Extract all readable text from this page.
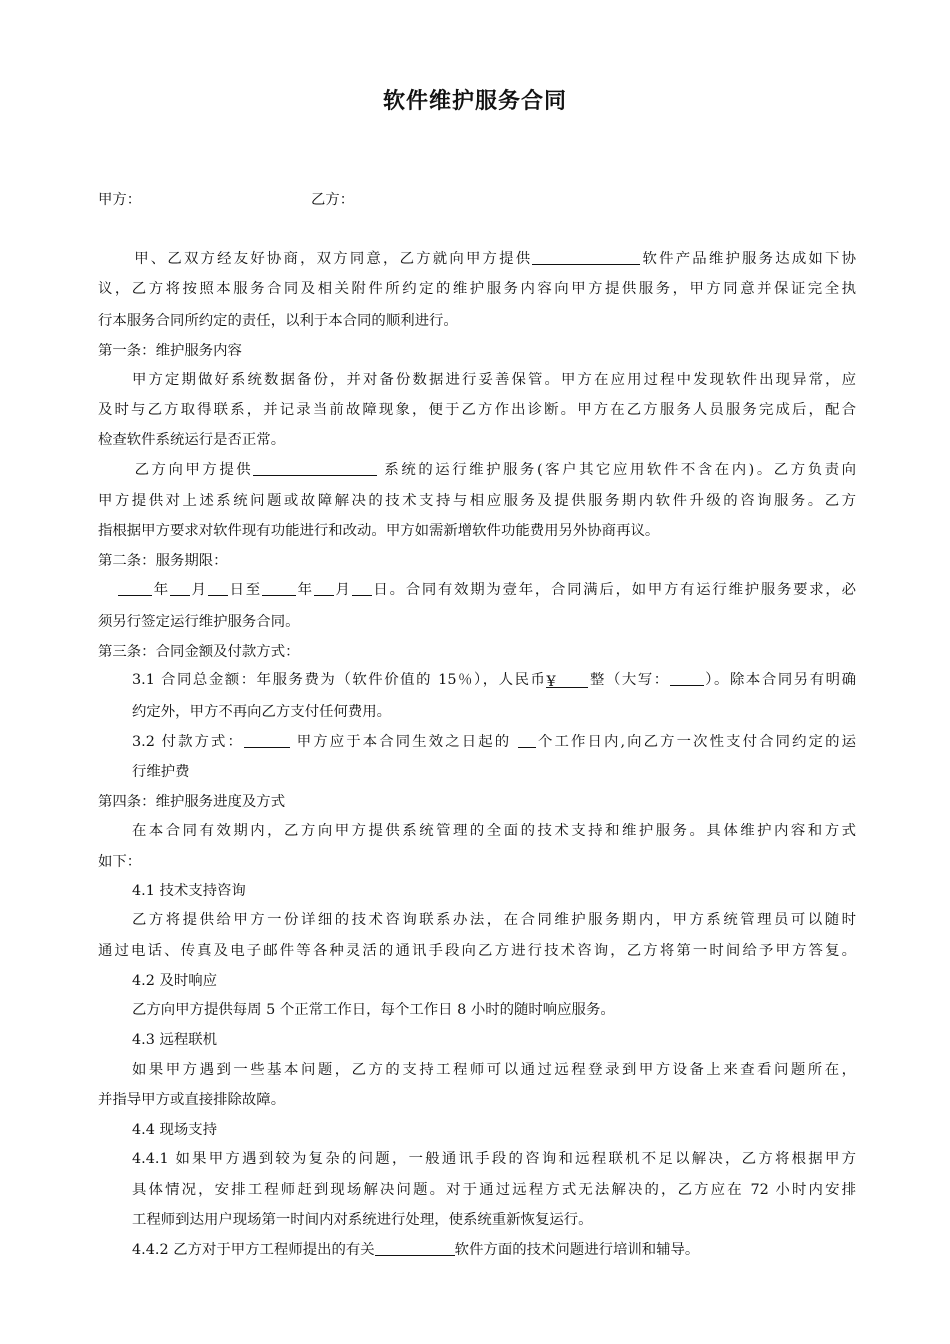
软件维护服务合同
甲方：	乙方：
甲、乙双方经友好协商，双方同意，乙方就向甲方提供	软件产品维护服务达成如下协
议，乙方将按照本服务合同及相关附件所约定的维护服务内容向甲方提供服务，甲方同意并保证完全执
行本服务合同所约定的责任，以利于本合同的顺利进行。
第一条：维护服务内容
甲方定期做好系统数据备份，并对备份数据进行妥善保管。甲方在应用过程中发现软件出现异常，应
及时与乙方取得联系，并记录当前故障现象，便于乙方作出诊断。甲方在乙方服务人员服务完成后，配合
检查软件系统运行是否正常。
乙方向甲方提供	系统的运行维护服务(客户其它应用软件不含在内)。乙方负责向
甲方提供对上述系统问题或故障解决的技术支持与相应服务及提供服务期内软件升级的咨询服务。乙方
指根据甲方要求对软件现有功能进行和改动。甲方如需新增软件功能费用另外协商再议。
第二条：服务期限：
年 月 日至 年 月 日。合同有效期为壹年，合同满后，如甲方有运行维护服务要求，必
须另行签定运行维护服务合同。
第三条：合同金额及付款方式：
3.1 合同总金额：年服务费为（软件价值的 15％），人民币¥ 整（大写： ）。除本合同另有明确
约定外，甲方不再向乙方支付任何费用。
3.2 付款方式：	甲方应于本合同生效之日起的 个工作日内,向乙方一次性支付合同约定的运
行维护费
第四条：维护服务进度及方式
在本合同有效期内，乙方向甲方提供系统管理的全面的技术支持和维护服务。具体维护内容和方式
如下：
4.1 技术支持咨询
乙方将提供给甲方一份详细的技术咨询联系办法，在合同维护服务期内，甲方系统管理员可以随时
通过电话、传真及电子邮件等各种灵活的通讯手段向乙方进行技术咨询，乙方将第一时间给予甲方答复。
4.2 及时响应
乙方向甲方提供每周 5 个正常工作日，每个工作日 8 小时的随时响应服务。
4.3 远程联机
如果甲方遇到一些基本问题，乙方的支持工程师可以通过远程登录到甲方设备上来查看问题所在，
并指导甲方或直接排除故障。
4.4 现场支持
4.4.1 如果甲方遇到较为复杂的问题，一般通讯手段的咨询和远程联机不足以解决，乙方将根据甲方
具体情况，安排工程师赶到现场解决问题。对于通过远程方式无法解决的，乙方应在 72 小时内安排
工程师到达用户现场第一时间内对系统进行处理，使系统重新恢复运行。
4.4.2 乙方对于甲方工程师提出的有关	软件方面的技术问题进行培训和辅导。
